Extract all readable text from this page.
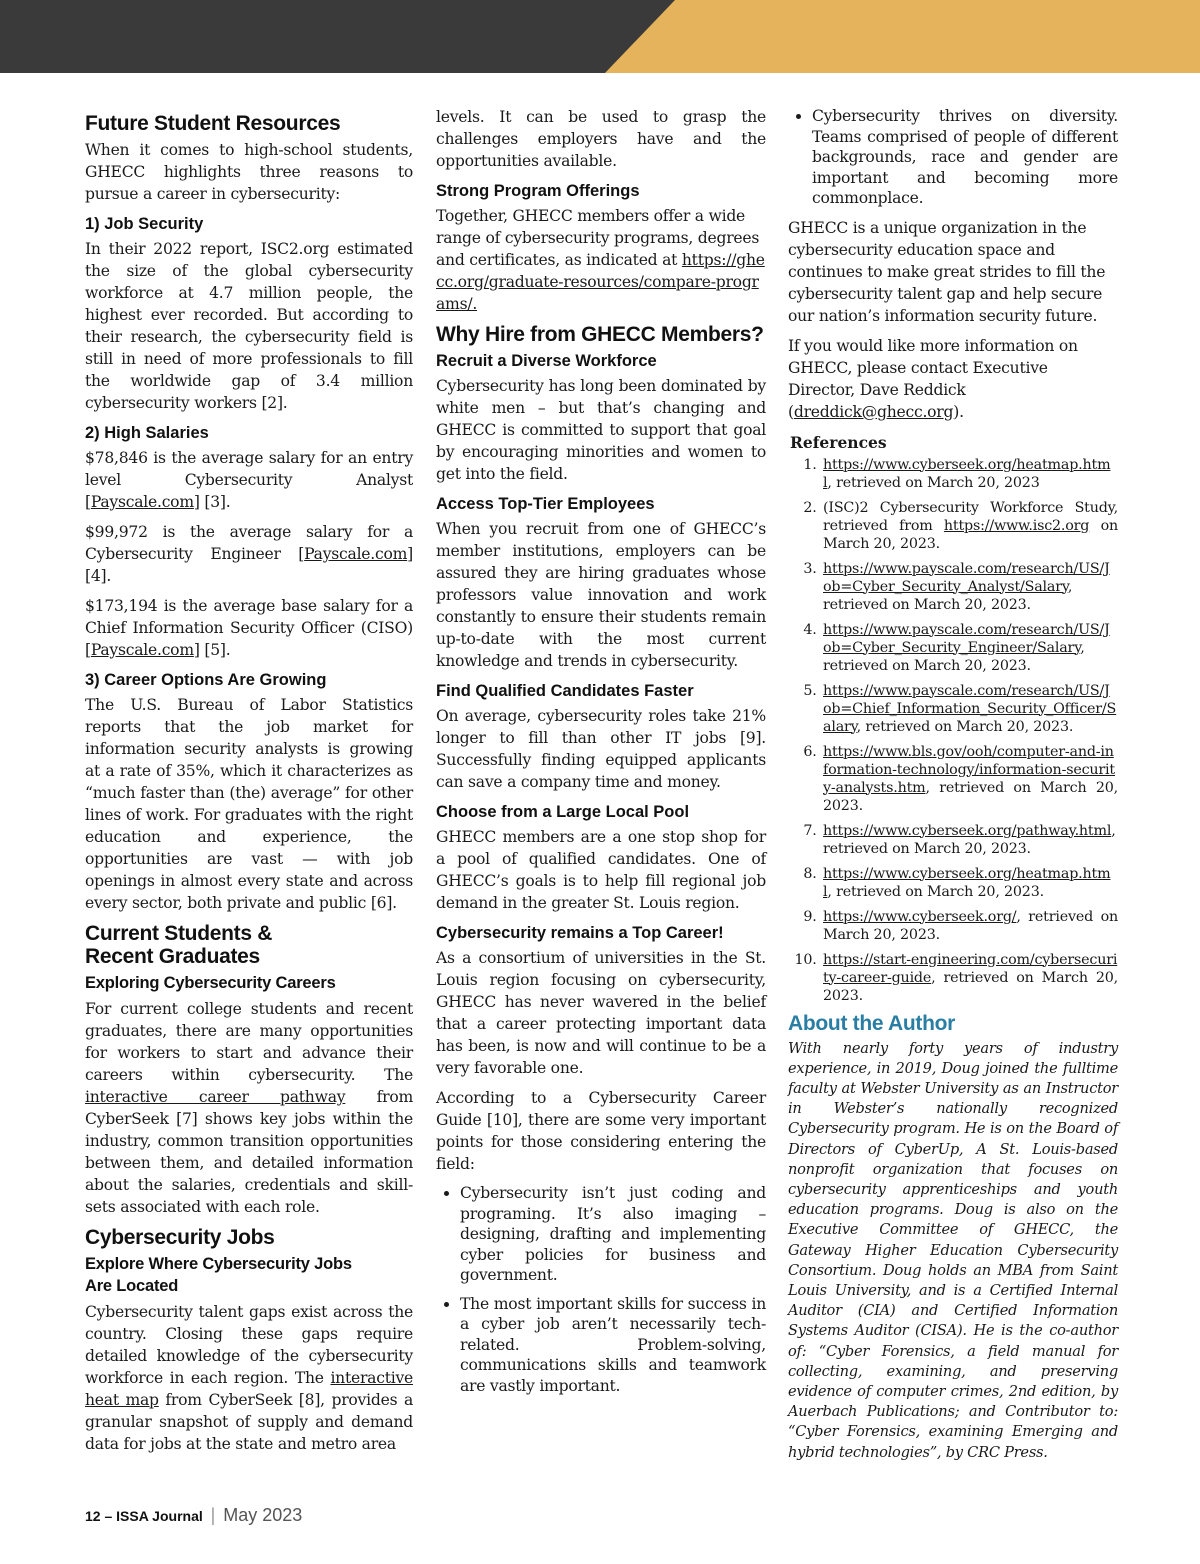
Future Student Resources

When it comes to high-school students, GHECC highlights three reasons to pursue a career in cybersecurity:

1) Job Security

In their 2022 report, ISC2.org estimated the size of the global cybersecurity workforce at 4.7 million people, the highest ever recorded. But according to their research, the cybersecurity field is still in need of more professionals to fill the worldwide gap of 3.4 million cybersecurity workers [2].

2) High Salaries

$78,846 is the average salary for an entry level Cybersecurity Analyst [Payscale.com] [3].

$99,972 is the average salary for a Cybersecurity Engineer [Payscale.com] [4].

$173,194 is the average base salary for a Chief Information Security Officer (CISO) [Payscale.com] [5].

3) Career Options Are Growing

The U.S. Bureau of Labor Statistics reports that the job market for information security analysts is growing at a rate of 35%, which it characterizes as “much faster than (the) average” for other lines of work. For graduates with the right education and experience, the opportunities are vast — with job openings in almost every state and across every sector, both private and public [6].

Current Students &
Recent Graduates
Exploring Cybersecurity Careers

For current college students and recent graduates, there are many opportunities for workers to start and advance their careers within cybersecurity. The interactive career pathway from CyberSeek [7] shows key jobs within the industry, common transition opportunities between them, and detailed information about the salaries, credentials and skill-sets associated with each role.

Cybersecurity Jobs
Explore Where Cybersecurity Jobs
Are Located

Cybersecurity talent gaps exist across the country. Closing these gaps require detailed knowledge of the cybersecurity workforce in each region. The interactive heat map from CyberSeek [8], provides a granular snapshot of supply and demand data for jobs at the state and metro area

levels. It can be used to grasp the challenges employers have and the opportunities available.

Strong Program Offerings

Together, GHECC members offer a wide range of cybersecurity programs, degrees and certificates, as indicated at https://ghecc.org/graduate-resources/compare-programs/.

Why Hire from GHECC Members?
Recruit a Diverse Workforce

Cybersecurity has long been dominated by white men – but that’s changing and GHECC is committed to support that goal by encouraging minorities and women to get into the field.

Access Top-Tier Employees

When you recruit from one of GHECC’s member institutions, employers can be assured they are hiring graduates whose professors value innovation and work constantly to ensure their students remain up-to-date with the most current knowledge and trends in cybersecurity.

Find Qualified Candidates Faster

On average, cybersecurity roles take 21% longer to fill than other IT jobs [9]. Successfully finding equipped applicants can save a company time and money.

Choose from a Large Local Pool

GHECC members are a one stop shop for a pool of qualified candidates. One of GHECC’s goals is to help fill regional job demand in the greater St. Louis region.

Cybersecurity remains a Top Career!

As a consortium of universities in the St. Louis region focusing on cybersecurity, GHECC has never wavered in the belief that a career protecting important data has been, is now and will continue to be a very favorable one.

According to a Cybersecurity Career Guide [10], there are some very important points for those considering entering the field:

• Cybersecurity isn’t just coding and programing. It’s also imaging – designing, drafting and implementing cyber policies for business and government.
• The most important skills for success in a cyber job aren’t necessarily tech-related. Problem-solving, communications skills and teamwork are vastly important.
• Cybersecurity thrives on diversity. Teams comprised of people of different backgrounds, race and gender are important and becoming more commonplace.

GHECC is a unique organization in the cybersecurity education space and continues to make great strides to fill the cybersecurity talent gap and help secure our nation’s information security future.

If you would like more information on GHECC, please contact Executive Director, Dave Reddick (dreddick@ghecc.org).

References
1. https://www.cyberseek.org/heatmap.html, retrieved on March 20, 2023
2. (ISC)2 Cybersecurity Workforce Study, retrieved from https://www.isc2.org on March 20, 2023.
3. https://www.payscale.com/research/US/Job=Cyber_Security_Analyst/Salary, retrieved on March 20, 2023.
4. https://www.payscale.com/research/US/Job=Cyber_Security_Engineer/Salary, retrieved on March 20, 2023.
5. https://www.payscale.com/research/US/Job=Chief_Information_Security_Officer/Salary, retrieved on March 20, 2023.
6. https://www.bls.gov/ooh/computer-and-information-technology/information-security-analysts.htm, retrieved on March 20, 2023.
7. https://www.cyberseek.org/pathway.html, retrieved on March 20, 2023.
8. https://www.cyberseek.org/heatmap.html, retrieved on March 20, 2023.
9. https://www.cyberseek.org/, retrieved on March 20, 2023.
10. https://start-engineering.com/cybersecurity-career-guide, retrieved on March 20, 2023.
About the Author

With nearly forty years of industry experience, in 2019, Doug joined the fulltime faculty at Webster University as an Instructor in Webster’s nationally recognized Cybersecurity program. He is on the Board of Directors of CyberUp, A St. Louis-based nonprofit organization that focuses on cybersecurity apprenticeships and youth education programs. Doug is also on the Executive Committee of GHECC, the Gateway Higher Education Cybersecurity Consortium. Doug holds an MBA from Saint Louis University, and is a Certified Internal Auditor (CIA) and Certified Information Systems Auditor (CISA). He is the co-author of: “Cyber Forensics, a field manual for collecting, examining, and preserving evidence of computer crimes, 2nd edition, by Auerbach Publications; and Contributor to: “Cyber Forensics, examining Emerging and hybrid technologies”, by CRC Press.

12 – ISSA Journal | May 2023
